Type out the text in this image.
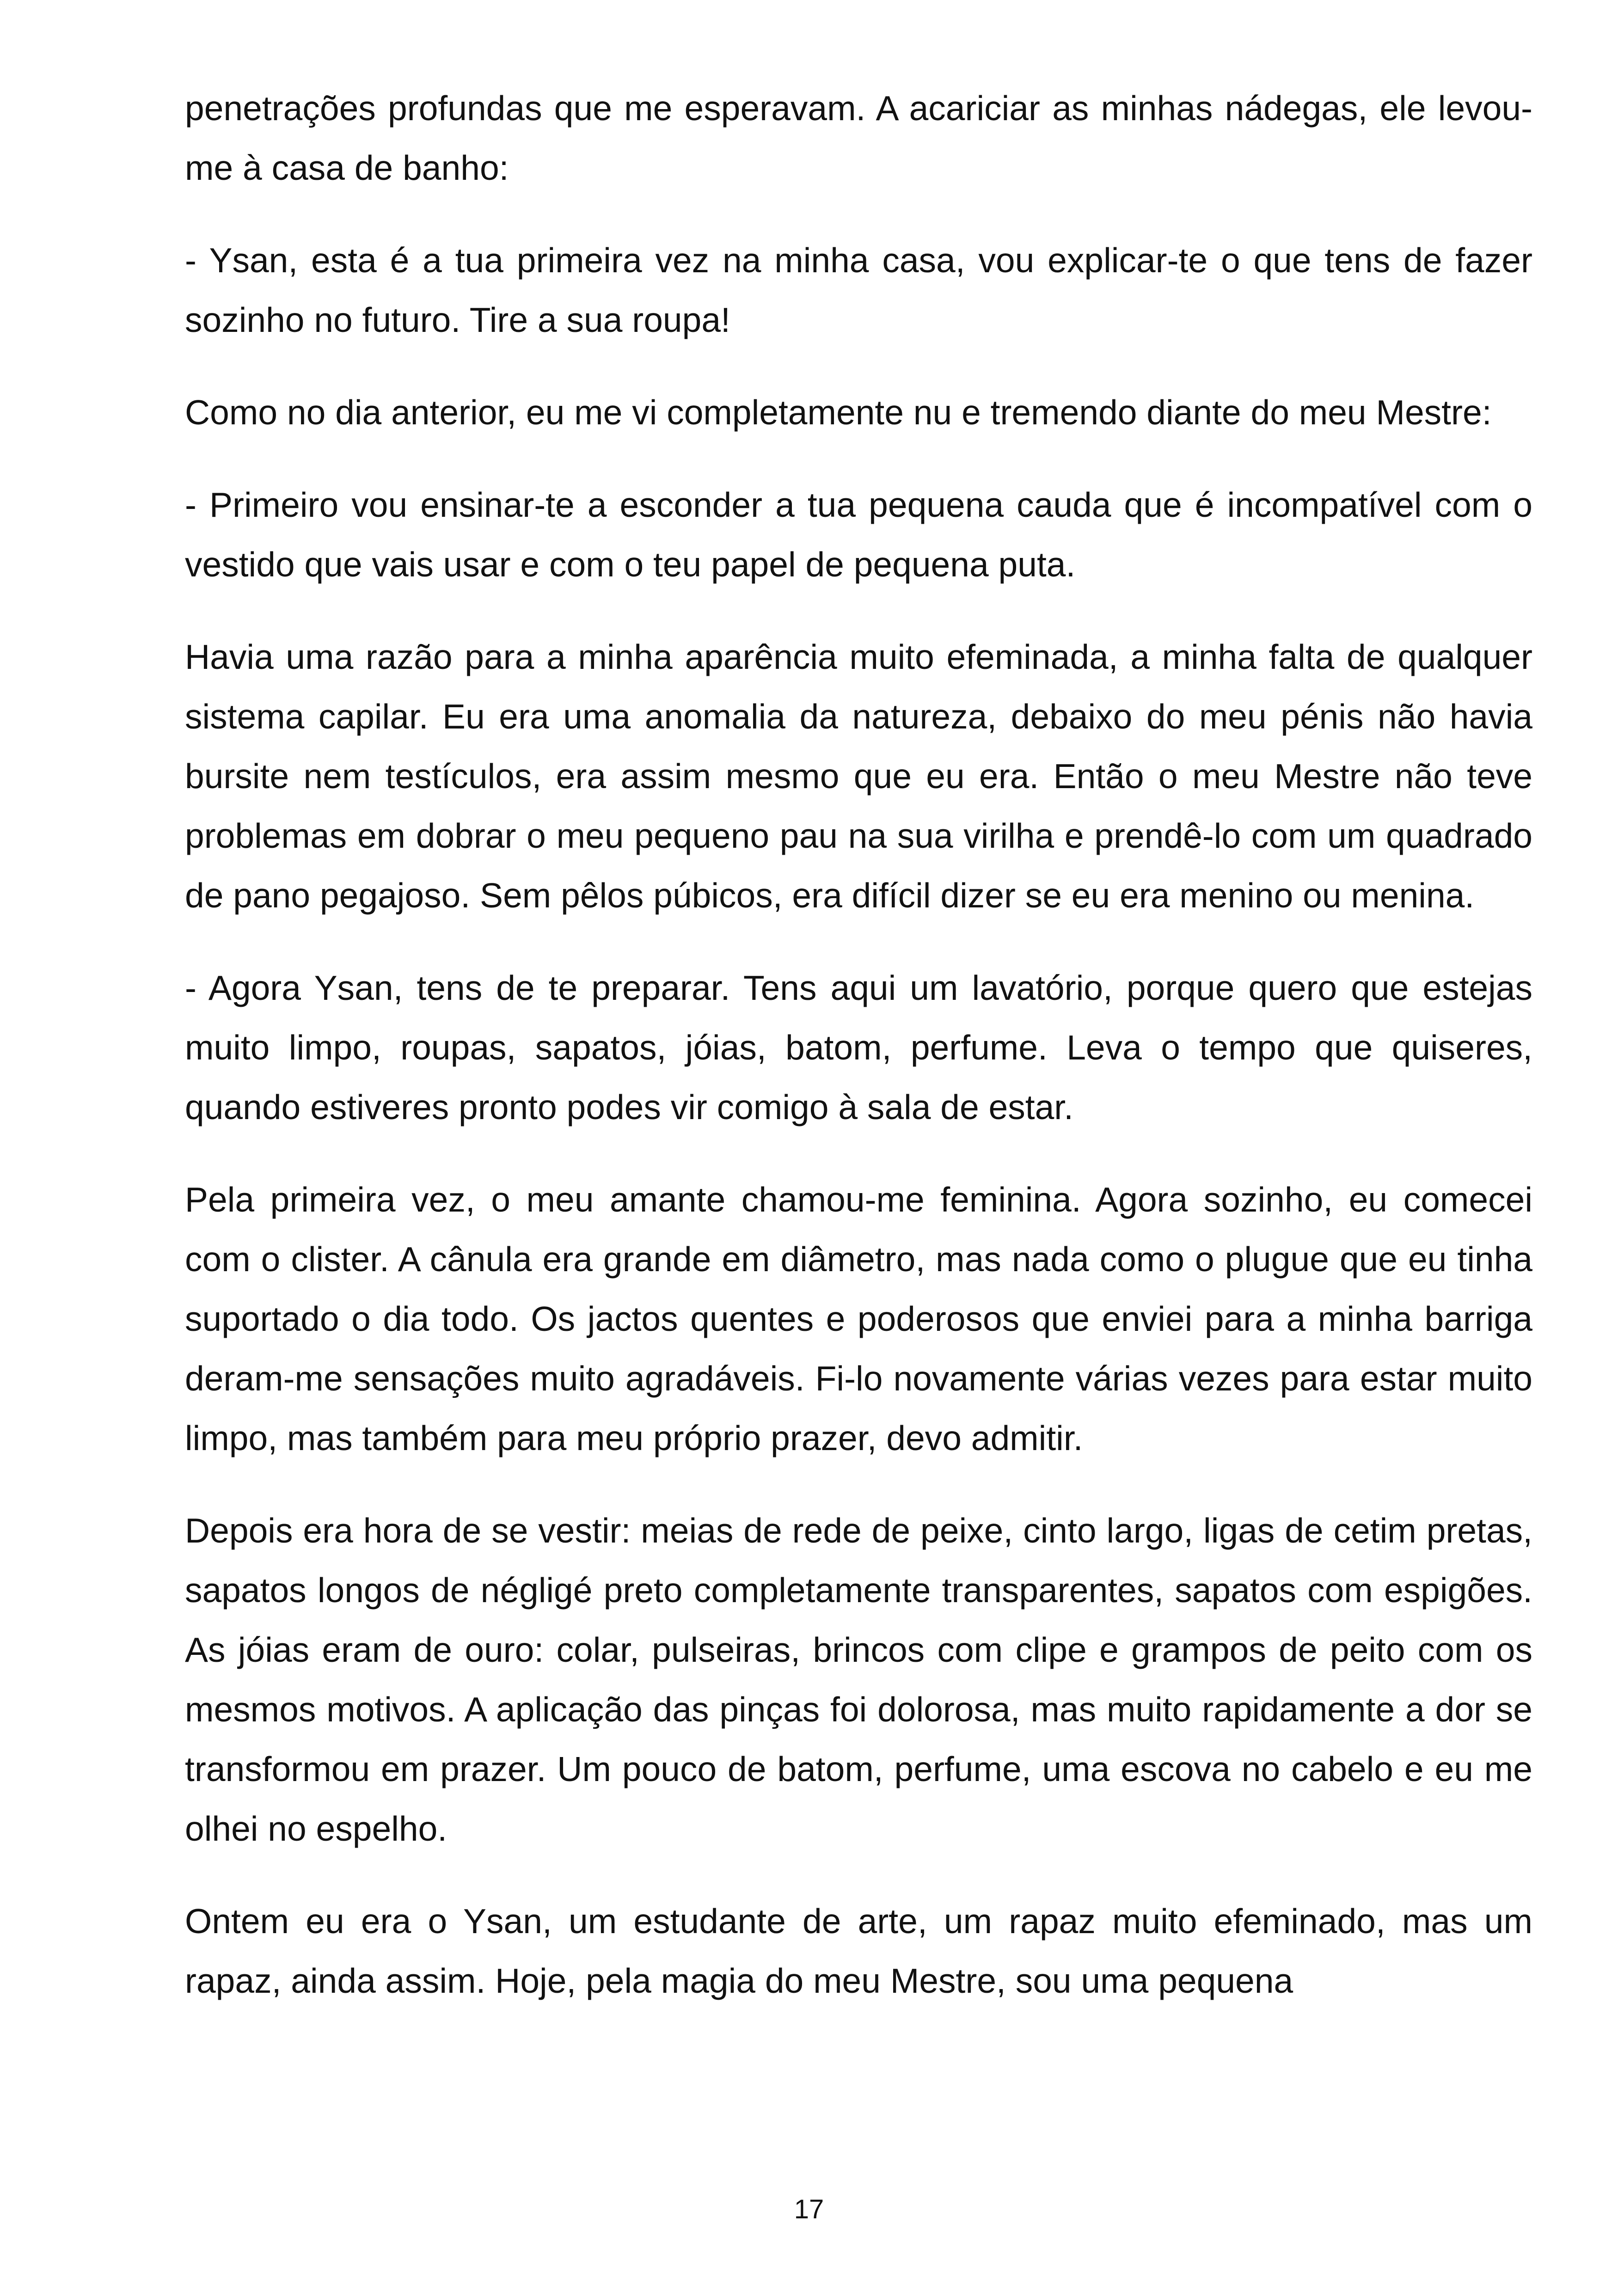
penetrações profundas que me esperavam. A acariciar as minhas nádegas, ele levou-me à casa de banho:

- Ysan, esta é a tua primeira vez na minha casa, vou explicar-te o que tens de fazer sozinho no futuro. Tire a sua roupa!

Como no dia anterior, eu me vi completamente nu e tremendo diante do meu Mestre:

- Primeiro vou ensinar-te a esconder a tua pequena cauda que é incompatível com o vestido que vais usar e com o teu papel de pequena puta.

Havia uma razão para a minha aparência muito efeminada, a minha falta de qualquer sistema capilar. Eu era uma anomalia da natureza, debaixo do meu pénis não havia bursite nem testículos, era assim mesmo que eu era. Então o meu Mestre não teve problemas em dobrar o meu pequeno pau na sua virilha e prendê-lo com um quadrado de pano pegajoso. Sem pêlos púbicos, era difícil dizer se eu era menino ou menina.

- Agora Ysan, tens de te preparar. Tens aqui um lavatório, porque quero que estejas muito limpo, roupas, sapatos, jóias, batom, perfume. Leva o tempo que quiseres, quando estiveres pronto podes vir comigo à sala de estar.

Pela primeira vez, o meu amante chamou-me feminina. Agora sozinho, eu comecei com o clister. A cânula era grande em diâmetro, mas nada como o plugue que eu tinha suportado o dia todo. Os jactos quentes e poderosos que enviei para a minha barriga deram-me sensações muito agradáveis. Fi-lo novamente várias vezes para estar muito limpo, mas também para meu próprio prazer, devo admitir.

Depois era hora de se vestir: meias de rede de peixe, cinto largo, ligas de cetim pretas, sapatos longos de négligé preto completamente transparentes, sapatos com espigões. As jóias eram de ouro: colar, pulseiras, brincos com clipe e grampos de peito com os mesmos motivos. A aplicação das pinças foi dolorosa, mas muito rapidamente a dor se transformou em prazer. Um pouco de batom, perfume, uma escova no cabelo e eu me olhei no espelho.

Ontem eu era o Ysan, um estudante de arte, um rapaz muito efeminado, mas um rapaz, ainda assim. Hoje, pela magia do meu Mestre, sou uma pequena

17
